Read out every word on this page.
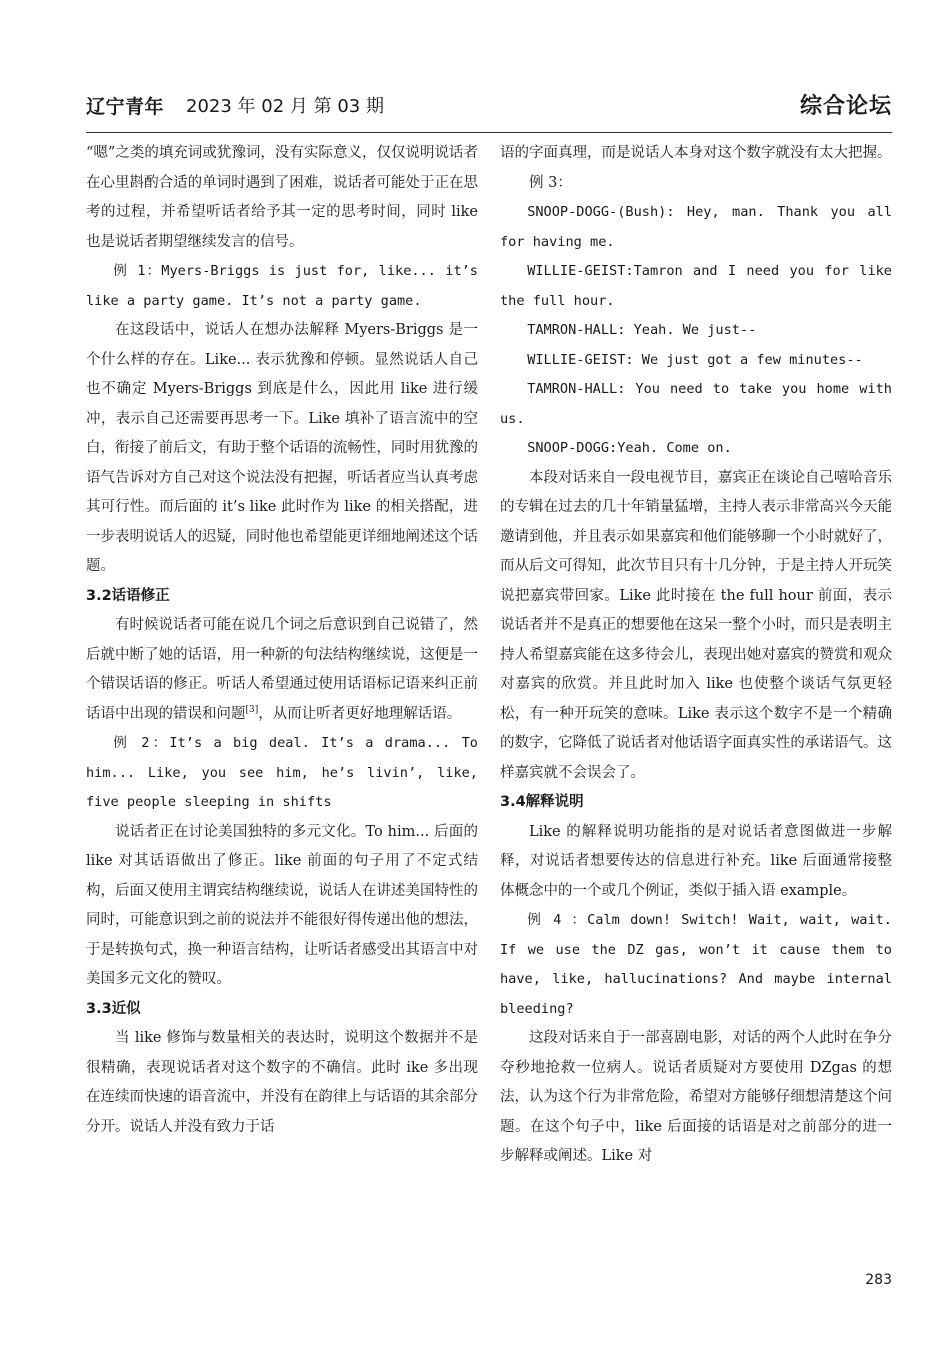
辽宁青年 2023 年 02 月 第 03 期	综合论坛

“嗯”之类的填充词或犹豫词，没有实际意义，仅仅说明说话者在心里斟酌合适的单词时遇到了困难，说话者可能处于正在思考的过程，并希望听话者给予其一定的思考时间，同时 like 也是说话者期望继续发言的信号。

例 1：Myers-Briggs is just for, like... it’s like a party game. It’s not a party game.

在这段话中，说话人在想办法解释 Myers-Briggs 是一个什么样的存在。Like... 表示犹豫和停顿。显然说话人自己也不确定 Myers-Briggs 到底是什么，因此用 like 进行缓冲，表示自己还需要再思考一下。Like 填补了语言流中的空白，衔接了前后文，有助于整个话语的流畅性，同时用犹豫的语气告诉对方自己对这个说法没有把握，听话者应当认真考虑其可行性。而后面的 it’s like 此时作为 like 的相关搭配，进一步表明说话人的迟疑，同时他也希望能更详细地阐述这个话题。

3.2话语修正

有时候说话者可能在说几个词之后意识到自己说错了，然后就中断了她的话语，用一种新的句法结构继续说，这便是一个错误话语的修正。听话人希望通过使用话语标记语来纠正前话语中出现的错误和问题[3]，从而让听者更好地理解话语。

例 2：It’s a big deal. It’s a drama... To him... Like, you see him, he’s livin’, like, five people sleeping in shifts

说话者正在讨论美国独特的多元文化。To him... 后面的 like 对其话语做出了修正。like 前面的句子用了不定式结构，后面又使用主谓宾结构继续说，说话人在讲述美国特性的同时，可能意识到之前的说法并不能很好得传递出他的想法，于是转换句式，换一种语言结构，让听话者感受出其语言中对美国多元文化的赞叹。

3.3近似

当 like 修饰与数量相关的表达时，说明这个数据并不是很精确，表现说话者对这个数字的不确信。此时 ike 多出现在连续而快速的语音流中，并没有在韵律上与话语的其余部分分开。说话人并没有致力于话

语的字面真理，而是说话人本身对这个数字就没有太大把握。

例 3：

SNOOP-DOGG-(Bush): Hey, man. Thank you all for having me.

WILLIE-GEIST:Tamron and I need you for like the full hour.

TAMRON-HALL: Yeah. We just--

WILLIE-GEIST: We just got a few minutes--

TAMRON-HALL: You need to take you home with us.

SNOOP-DOGG:Yeah. Come on.

本段对话来自一段电视节目，嘉宾正在谈论自己嘻哈音乐的专辑在过去的几十年销量猛增，主持人表示非常高兴今天能邀请到他，并且表示如果嘉宾和他们能够聊一个小时就好了，而从后文可得知，此次节目只有十几分钟，于是主持人开玩笑说把嘉宾带回家。Like 此时接在 the full hour 前面，表示说话者并不是真正的想要他在这呆一整个小时，而只是表明主持人希望嘉宾能在这多待会儿，表现出她对嘉宾的赞赏和观众对嘉宾的欣赏。并且此时加入 like 也使整个谈话气氛更轻松，有一种开玩笑的意味。Like 表示这个数字不是一个精确的数字，它降低了说话者对他话语字面真实性的承诺语气。这样嘉宾就不会误会了。

3.4解释说明

Like 的解释说明功能指的是对说话者意图做进一步解释，对说话者想要传达的信息进行补充。like 后面通常接整体概念中的一个或几个例证，类似于插入语 example。

例 4 ：Calm down! Switch! Wait, wait, wait. If we use the DZ gas, won’t it cause them to have, like, hallucinations? And maybe internal bleeding?

这段对话来自于一部喜剧电影，对话的两个人此时在争分夺秒地抢救一位病人。说话者质疑对方要使用 DZgas 的想法，认为这个行为非常危险，希望对方能够仔细想清楚这个问题。在这个句子中，like 后面接的话语是对之前部分的进一步解释或阐述。Like 对

283
